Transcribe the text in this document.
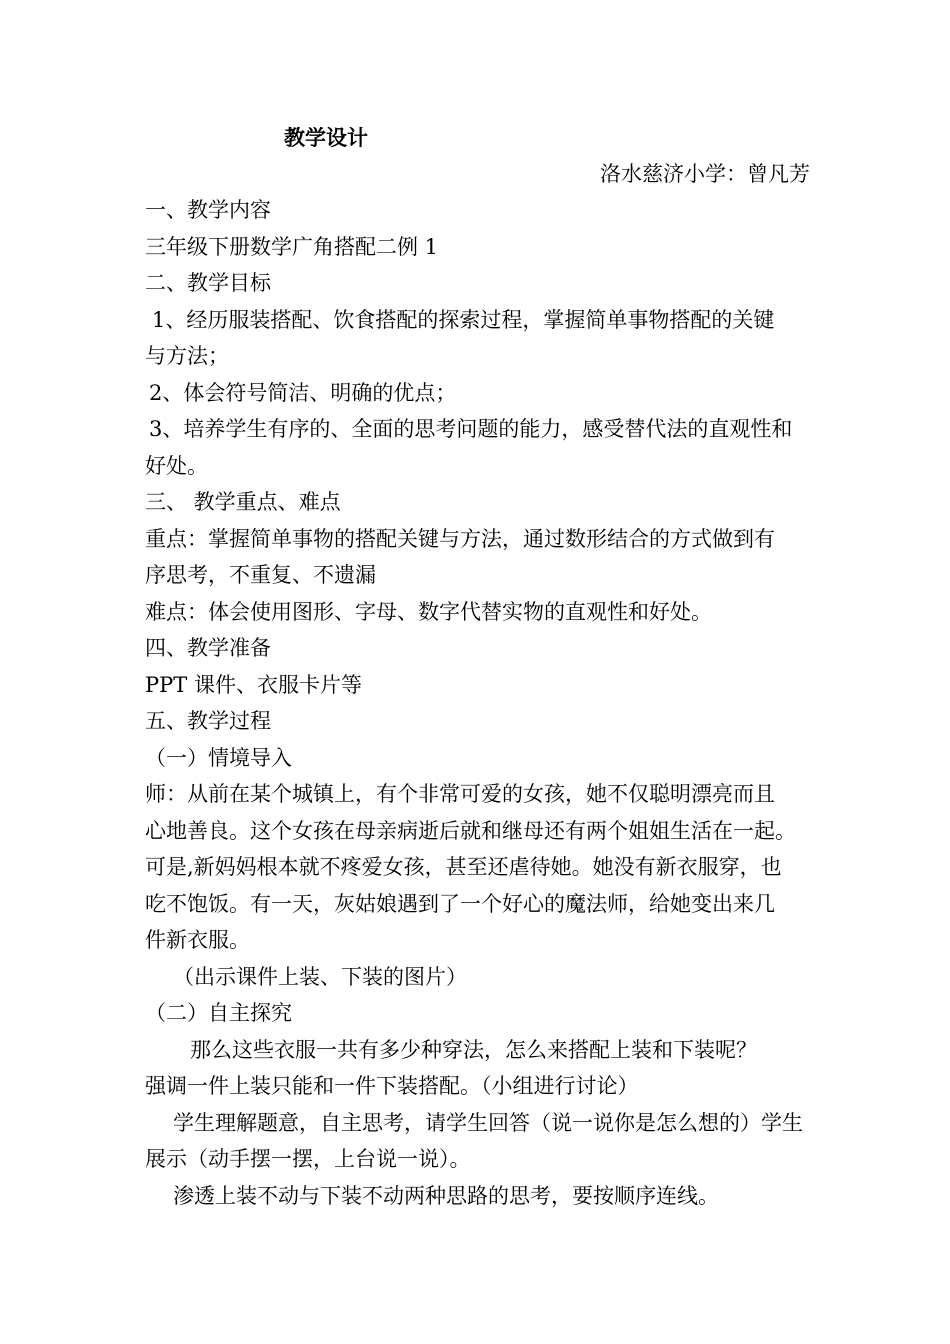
教学设计
洛水慈济小学：曾凡芳
一、教学内容
三年级下册数学广角搭配二例 1
二、教学目标
1、经历服装搭配、饮食搭配的探索过程，掌握简单事物搭配的关键
与方法；
2、体会符号简洁、明确的优点；
3、培养学生有序的、全面的思考问题的能力，感受替代法的直观性和
好处。
三、 教学重点、难点
重点：掌握简单事物的搭配关键与方法，通过数形结合的方式做到有
序思考，不重复、不遗漏
难点：体会使用图形、字母、数字代替实物的直观性和好处。
四、教学准备
PPT 课件、衣服卡片等
五、教学过程
（一）情境导入
师：从前在某个城镇上，有个非常可爱的女孩，她不仅聪明漂亮而且
心地善良。这个女孩在母亲病逝后就和继母还有两个姐姐生活在一起。
可是,新妈妈根本就不疼爱女孩，甚至还虐待她。她没有新衣服穿，也
吃不饱饭。有一天，灰姑娘遇到了一个好心的魔法师，给她变出来几
件新衣服。
（出示课件上装、下装的图片）
（二）自主探究
那么这些衣服一共有多少种穿法，怎么来搭配上装和下装呢？
强调一件上装只能和一件下装搭配。（小组进行讨论）
学生理解题意，自主思考，请学生回答（说一说你是怎么想的）学生
展示（动手摆一摆，上台说一说）。
渗透上装不动与下装不动两种思路的思考，要按顺序连线。
